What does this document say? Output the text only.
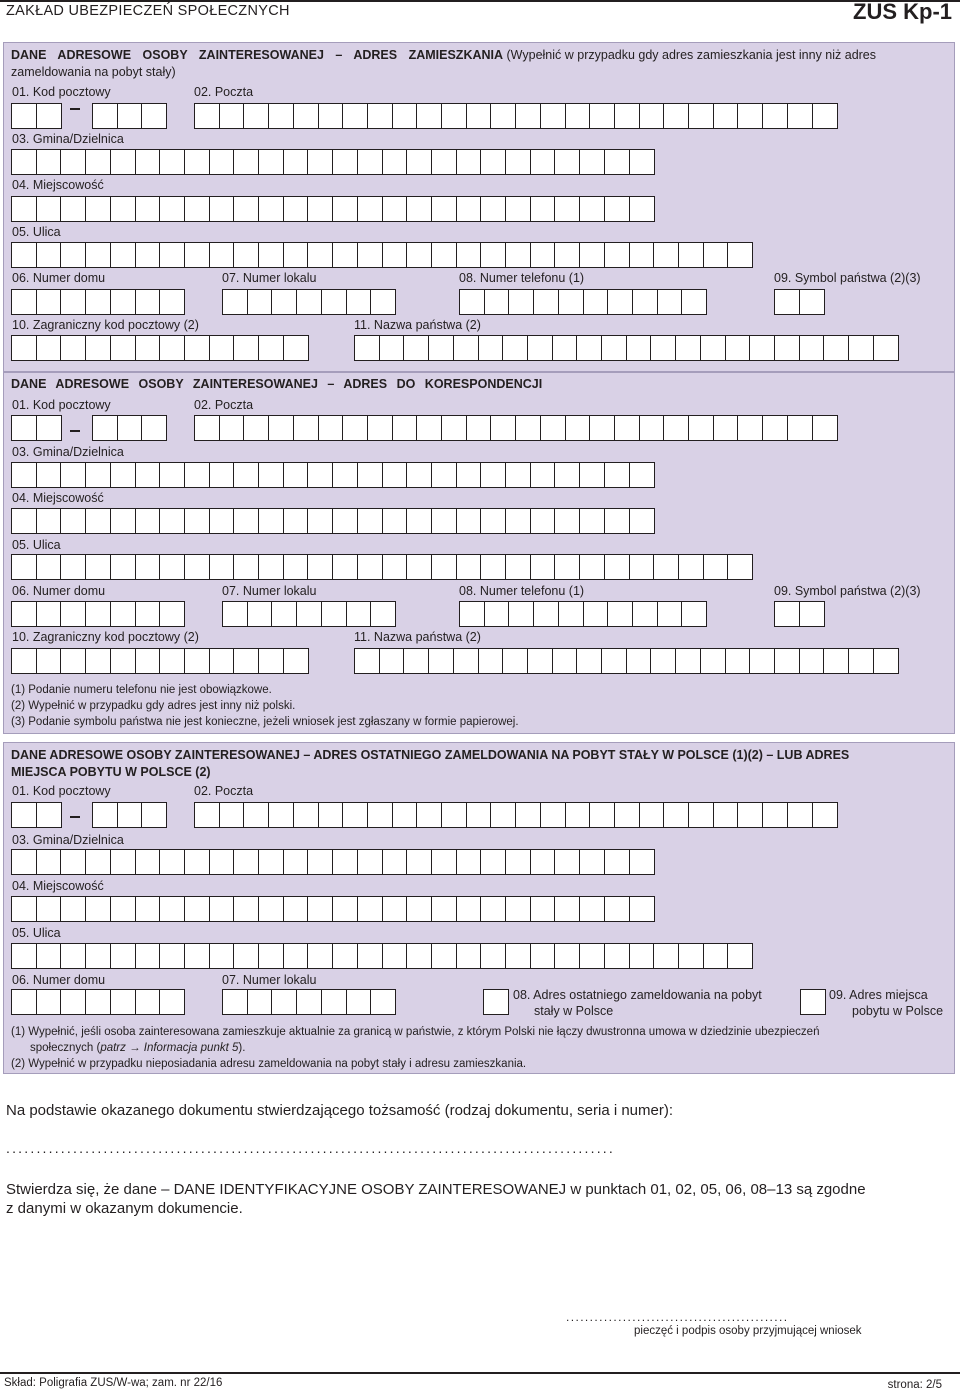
ZAKŁAD UBEZPIECZEŃ SPOŁECZNYCH	ZUS Kp-1
DANE ADRESOWE OSOBY ZAINTERESOWANEJ – ADRES ZAMIESZKANIA (Wypełnić w przypadku gdy adres zamieszkania jest inny niż adres zameldowania na pobyt stały)
01. Kod pocztowy	02. Poczta
03. Gmina/Dzielnica
04. Miejscowość
05. Ulica
06. Numer domu	07. Numer lokalu	08. Numer telefonu (1)	09. Symbol państwa (2)(3)
10. Zagraniczny kod pocztowy (2)	11. Nazwa państwa (2)
DANE ADRESOWE OSOBY ZAINTERESOWANEJ – ADRES DO KORESPONDENCJI
01. Kod pocztowy	02. Poczta
03. Gmina/Dzielnica
04. Miejscowość
05. Ulica
06. Numer domu	07. Numer lokalu	08. Numer telefonu (1)	09. Symbol państwa (2)(3)
10. Zagraniczny kod pocztowy (2)	11. Nazwa państwa (2)
(1) Podanie numeru telefonu nie jest obowiązkowe.
(2) Wypełnić w przypadku gdy adres jest inny niż polski.
(3) Podanie symbolu państwa nie jest konieczne, jeżeli wniosek jest zgłaszany w formie papierowej.
DANE ADRESOWE OSOBY ZAINTERESOWANEJ – ADRES OSTATNIEGO ZAMELDOWANIA NA POBYT STAŁY W POLSCE (1)(2) – LUB ADRES
MIEJSCA POBYTU W POLSCE (2)
01. Kod pocztowy	02. Poczta
03. Gmina/Dzielnica
04. Miejscowość
05. Ulica
06. Numer domu	07. Numer lokalu
08. Adres ostatniego zameldowania na pobyt
stały w Polsce
09. Adres miejsca
pobytu w Polsce
(1) Wypełnić, jeśli osoba zainteresowana zamieszkuje aktualnie za granicą w państwie, z którym Polski nie łączy dwustronna umowa w dziedzinie ubezpieczeń
społecznych (patrz → Informacja punkt 5).
(2) Wypełnić w przypadku nieposiadania adresu zameldowania na pobyt stały i adresu zamieszkania.
Na podstawie okazanego dokumentu stwierdzającego tożsamość (rodzaj dokumentu, seria i numer):
....................................................................................................
Stwierdza się, że dane – DANE IDENTYFIKACYJNE OSOBY ZAINTERESOWANEJ w punktach 01, 02, 05, 06, 08–13 są zgodne
z danymi w okazanym dokumencie.
...............................................
pieczęć i podpis osoby przyjmującej wniosek
Skład: Poligrafia ZUS/W-wa; zam. nr 22/16	strona: 2/5
